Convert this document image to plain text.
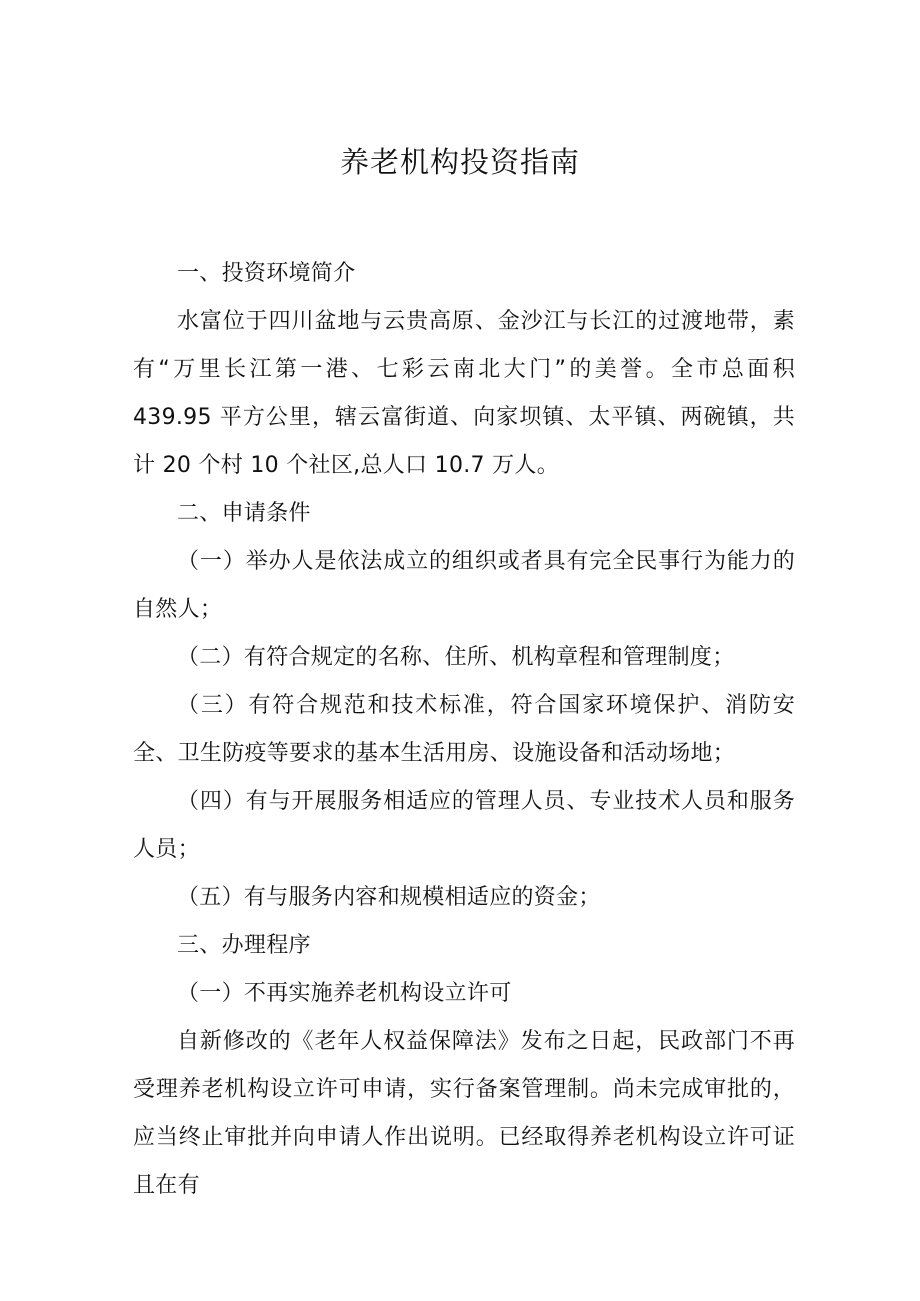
养老机构投资指南

一、投资环境简介

水富位于四川盆地与云贵高原、金沙江与长江的过渡地带，素有“万里长江第一港、七彩云南北大门”的美誉。全市总面积 439.95 平方公里，辖云富街道、向家坝镇、太平镇、两碗镇，共计 20 个村 10 个社区,总人口 10.7 万人。

二、申请条件

（一）举办人是依法成立的组织或者具有完全民事行为能力的自然人；

（二）有符合规定的名称、住所、机构章程和管理制度；

（三）有符合规范和技术标准，符合国家环境保护、消防安全、卫生防疫等要求的基本生活用房、设施设备和活动场地；

（四）有与开展服务相适应的管理人员、专业技术人员和服务人员；

（五）有与服务内容和规模相适应的资金；

三、办理程序

（一）不再实施养老机构设立许可

自新修改的《老年人权益保障法》发布之日起，民政部门不再受理养老机构设立许可申请，实行备案管理制。尚未完成审批的，应当终止审批并向申请人作出说明。已经取得养老机构设立许可证且在有
